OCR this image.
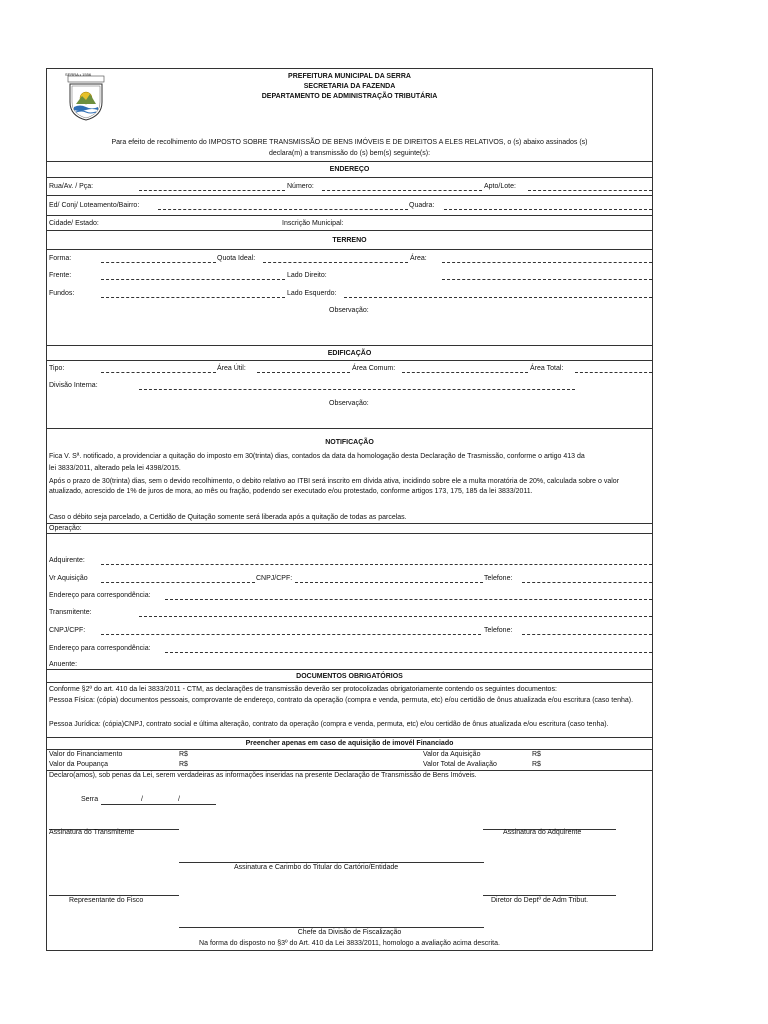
SERRA • 1556	PREFEITURA MUNICIPAL DA SERRA
SECRETARIA DA FAZENDA
DEPARTAMENTO DE ADMINISTRAÇÃO TRIBUTÁRIA
Para efeito de recolhimento do IMPOSTO SOBRE TRANSMISSÃO DE BENS IMÓVEIS E DE DIREITOS A ELES RELATIVOS, o (s) abaixo assinados (s)
declara(m) a transmissão do (s) bem(s) seguinte(s):
ENDEREÇO
Rua/Av. / Pça:	Número:	Apto/Lote:
Ed/ Conj/ Loteamento/Bairro:	Quadra:
Cidade/ Estado:	Inscrição Municipal:
TERRENO
Forma:	Quota Ideal:	Área:
Frente:	Lado Direito:
Fundos:	Lado Esquerdo:
Observação:
EDIFICAÇÃO
Tipo:	Área Útil:	Área Comum:	Área Total:
Divisão Interna:
Observação:
NOTIFICAÇÃO
Fica V. Sª. notificado, a providenciar a quitação do imposto em 30(trinta) dias, contados da data da homologação desta Declaração de Trasmissão, conforme o artigo 413 da lei 3833/2011, alterado pela lei 4398/2015.
Após o prazo de 30(trinta) dias, sem o devido recolhimento, o debito relativo ao ITBI será inscrito em dívida ativa, incidindo sobre ele a multa moratória de 20%, calculada sobre o valor atualizado, acrescido de 1% de juros de mora, ao mês ou fração, podendo ser executado e/ou protestado, conforme artigos 173, 175, 185 da lei 3833/2011.
Caso o débito seja parcelado, a Certidão de Quitação somente será liberada após a quitação de todas as parcelas.
Operação:
Adquirente:
Vr Aquisição	CNPJ/CPF:	Telefone:
Endereço para correspondência:
Transmitente:
CNPJ/CPF:	Telefone:
Endereço para correspondência:
Anuente:
DOCUMENTOS OBRIGATÓRIOS
Conforme §2º do art. 410 da lei 3833/2011 - CTM, as declarações de transmissão deverão ser protocolizadas obrigatoriamente contendo os seguintes documentos:
Pessoa Física: (cópia) documentos pessoais, comprovante de endereço, contrato da operação (compra e venda, permuta, etc) e/ou certidão de ônus atualizada e/ou escritura (caso tenha).
Pessoa Jurídica: (cópia)CNPJ, contrato social e última alteração, contrato da operação (compra e venda, permuta, etc) e/ou certidão de ônus atualizada e/ou escritura (caso tenha).
Preencher apenas em caso de aquisição de imovél Financiado
Valor do Financiamento	R$	Valor da Aquisição	R$
Valor da Poupança	R$	Valor Total de Avaliação	R$
Declaro(amos), sob penas da Lei, serem verdadeiras as informações inseridas na presente Declaração de Transmissão de Bens Imóveis.
Serra	/	/
Assinatura do Transmitente	Assinatura do Adquirente
Assinatura e Carimbo do Titular do Cartório/Entidade
Representante do Fisco	Diretor do Deptº de Adm Tribut.
Chefe da Divisão de Fiscalização
Na forma do disposto no §3º do Art. 410 da Lei 3833/2011, homologo a avaliação acima descrita.
